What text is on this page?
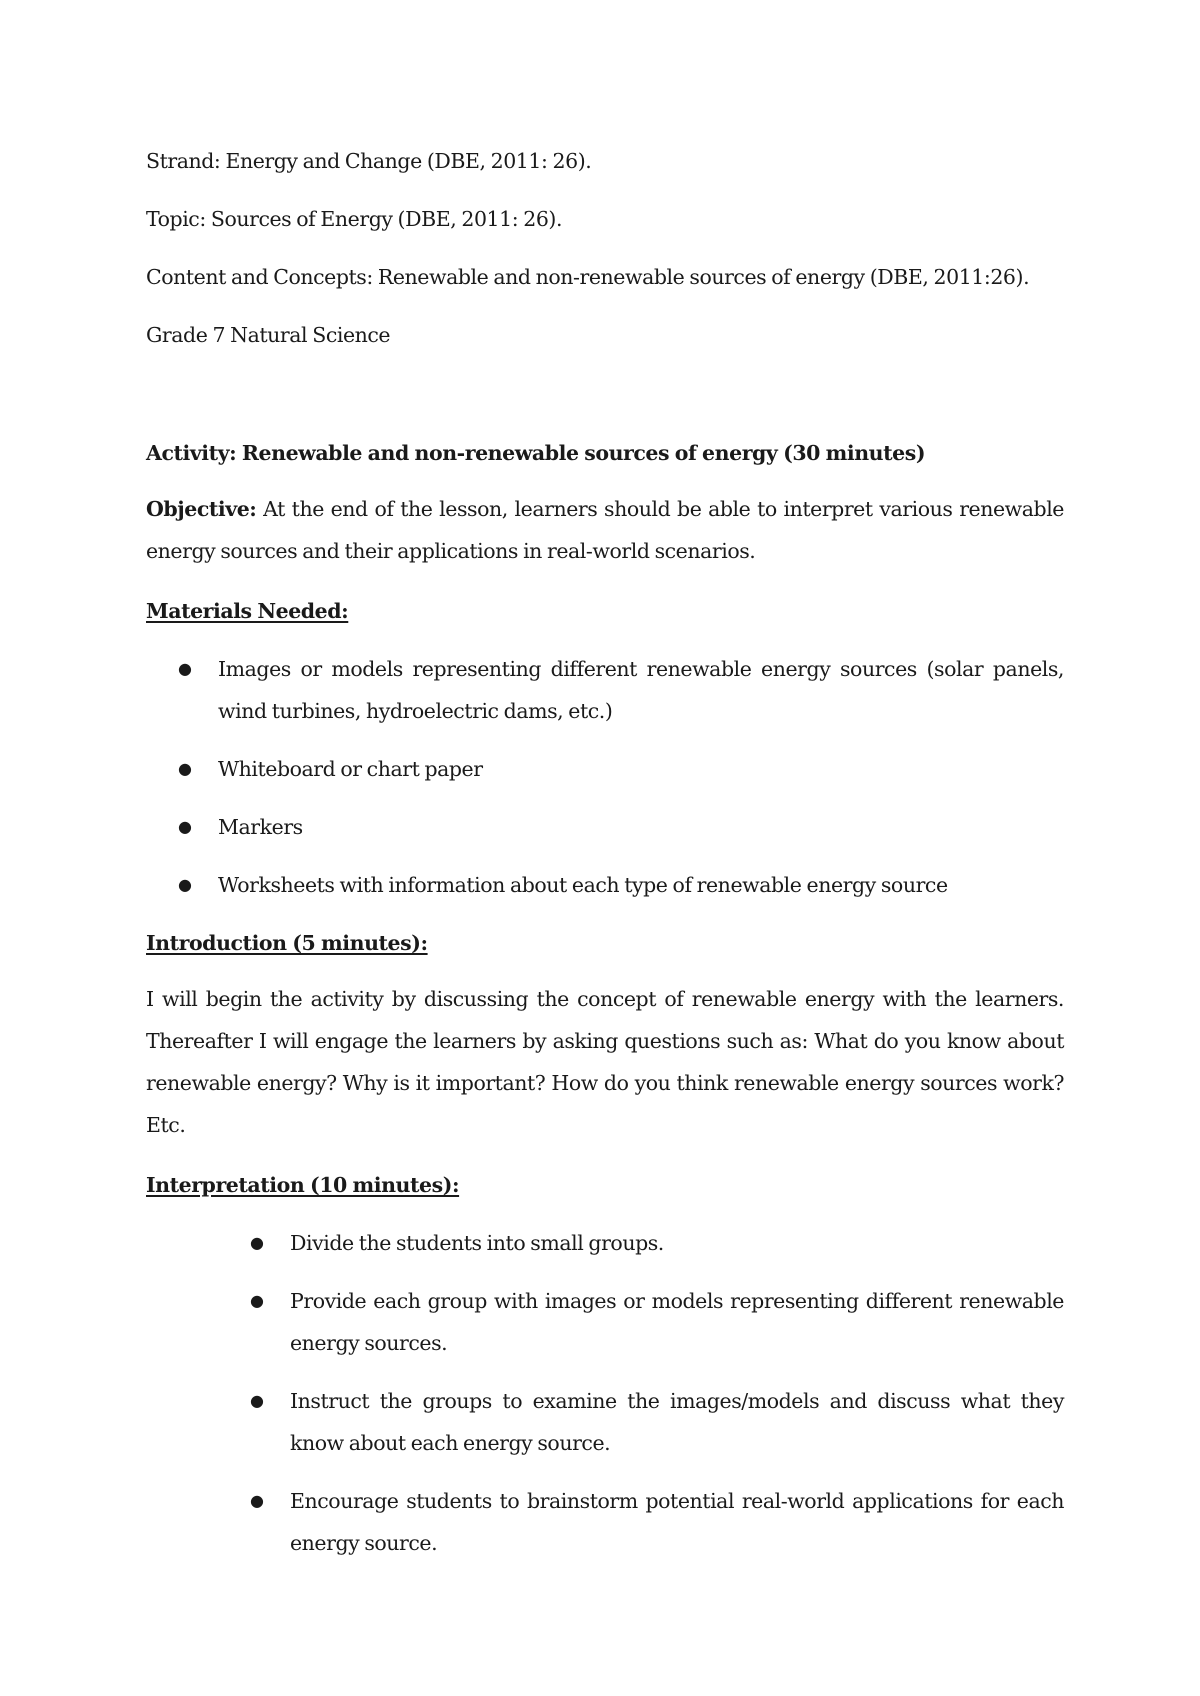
Strand: Energy and Change (DBE, 2011: 26).
Topic: Sources of Energy (DBE, 2011: 26).
Content and Concepts: Renewable and non-renewable sources of energy (DBE, 2011:26).
Grade 7 Natural Science
Activity: Renewable and non-renewable sources of energy (30 minutes)
Objective: At the end of the lesson, learners should be able to interpret various renewable energy sources and their applications in real-world scenarios.
Materials Needed:
● Images or models representing different renewable energy sources (solar panels, wind turbines, hydroelectric dams, etc.)
● Whiteboard or chart paper
● Markers
● Worksheets with information about each type of renewable energy source
Introduction (5 minutes):
I will begin the activity by discussing the concept of renewable energy with the learners. Thereafter I will engage the learners by asking questions such as: What do you know about renewable energy? Why is it important? How do you think renewable energy sources work? Etc.
Interpretation (10 minutes):
● Divide the students into small groups.
● Provide each group with images or models representing different renewable energy sources.
● Instruct the groups to examine the images/models and discuss what they know about each energy source.
● Encourage students to brainstorm potential real-world applications for each energy source.
